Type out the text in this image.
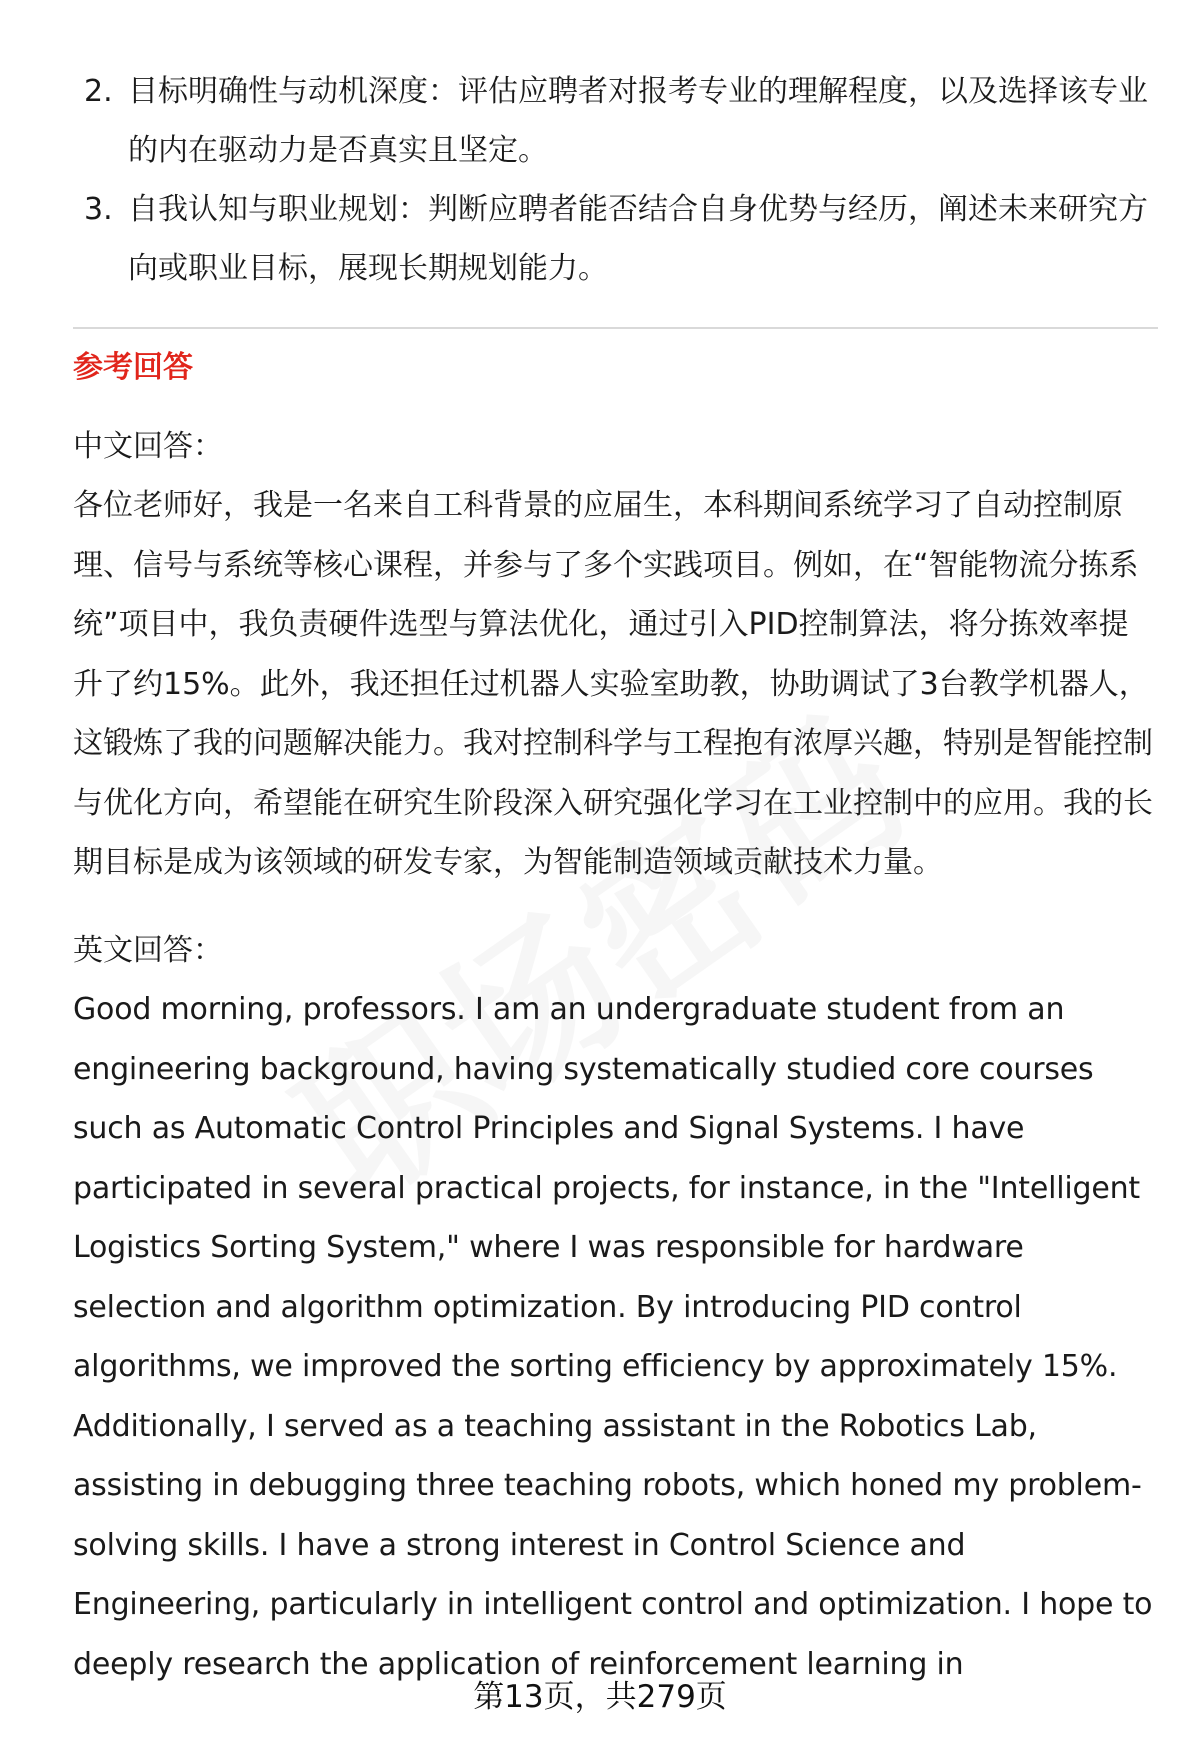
2. 目标明确性与动机深度：评估应聘者对报考专业的理解程度，以及选择该专业的内在驱动力是否真实且坚定。
3. 自我认知与职业规划：判断应聘者能否结合自身优势与经历，阐述未来研究方向或职业目标，展现长期规划能力。
参考回答

中文回答：

各位老师好，我是一名来自工科背景的应届生，本科期间系统学习了自动控制原理、信号与系统等核心课程，并参与了多个实践项目。例如，在“智能物流分拣系统”项目中，我负责硬件选型与算法优化，通过引入PID控制算法，将分拣效率提升了约15%。此外，我还担任过机器人实验室助教，协助调试了3台教学机器人，这锻炼了我的问题解决能力。我对控制科学与工程抱有浓厚兴趣，特别是智能控制与优化方向，希望能在研究生阶段深入研究强化学习在工业控制中的应用。我的长期目标是成为该领域的研发专家，为智能制造领域贡献技术力量。

英文回答：

Good morning, professors. I am an undergraduate student from an engineering background, having systematically studied core courses such as Automatic Control Principles and Signal Systems. I have participated in several practical projects, for instance, in the "Intelligent Logistics Sorting System," where I was responsible for hardware selection and algorithm optimization. By introducing PID control algorithms, we improved the sorting efficiency by approximately 15%. Additionally, I served as a teaching assistant in the Robotics Lab, assisting in debugging three teaching robots, which honed my problem-solving skills. I have a strong interest in Control Science and Engineering, particularly in intelligent control and optimization. I hope to deeply research the application of reinforcement learning in

第13页，共279页
